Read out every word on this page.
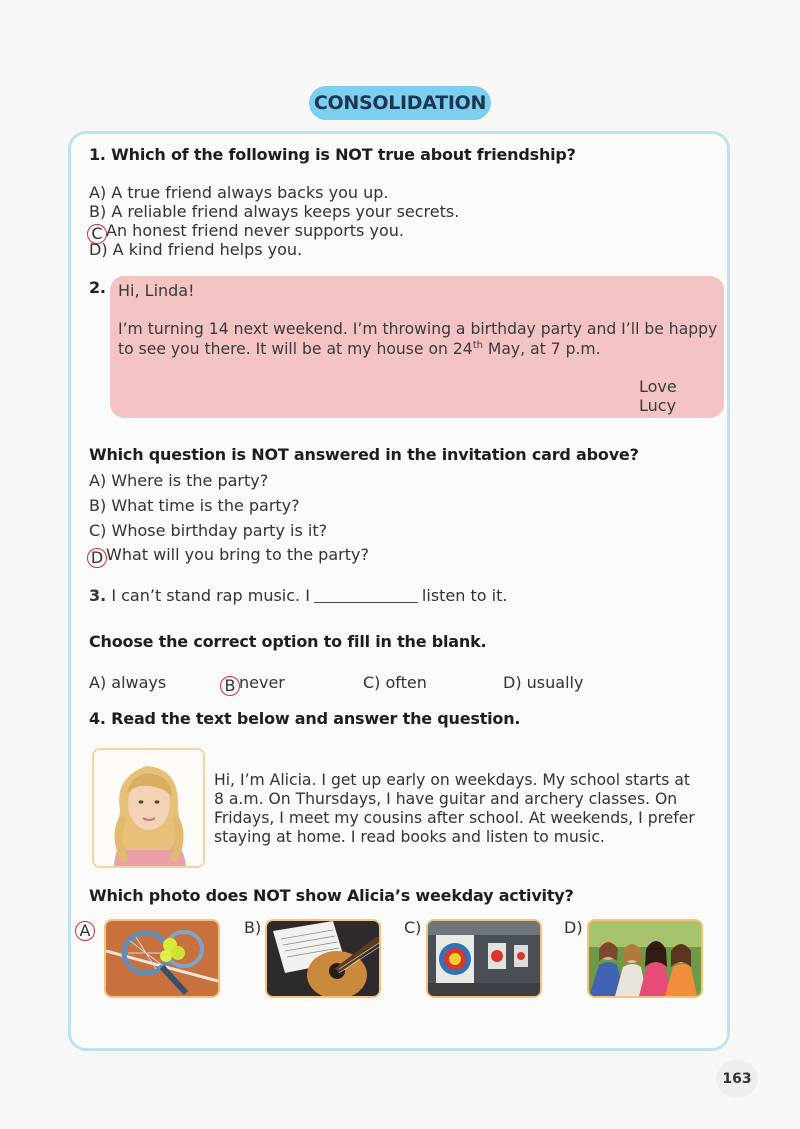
CONSOLIDATION
1. Which of the following is NOT true about friendship?
A) A true friend always backs you up.
B) A reliable friend always keeps your secrets.
C An honest friend never supports you.
D) A kind friend helps you.
2. Hi, Linda!
I’m turning 14 next weekend. I’m throwing a birthday party and I’ll be happy
to see you there. It will be at my house on 24th May, at 7 p.m.
Love
Lucy
Which question is NOT answered in the invitation card above?
A) Where is the party?
B) What time is the party?
C) Whose birthday party is it?
D What will you bring to the party?
3. I can’t stand rap music. I	listen to it.
Choose the correct option to fill in the blank.
A) always	B never	C) often	D) usually
4. Read the text below and answer the question.
Hi, I’m Alicia. I get up early on weekdays. My school starts at
8 a.m. On Thursdays, I have guitar and archery classes. On
Fridays, I meet my cousins after school. At weekends, I prefer
staying at home. I read books and listen to music.
Which photo does NOT show Alicia’s weekday activity?
A	B)	C)	D)
163
